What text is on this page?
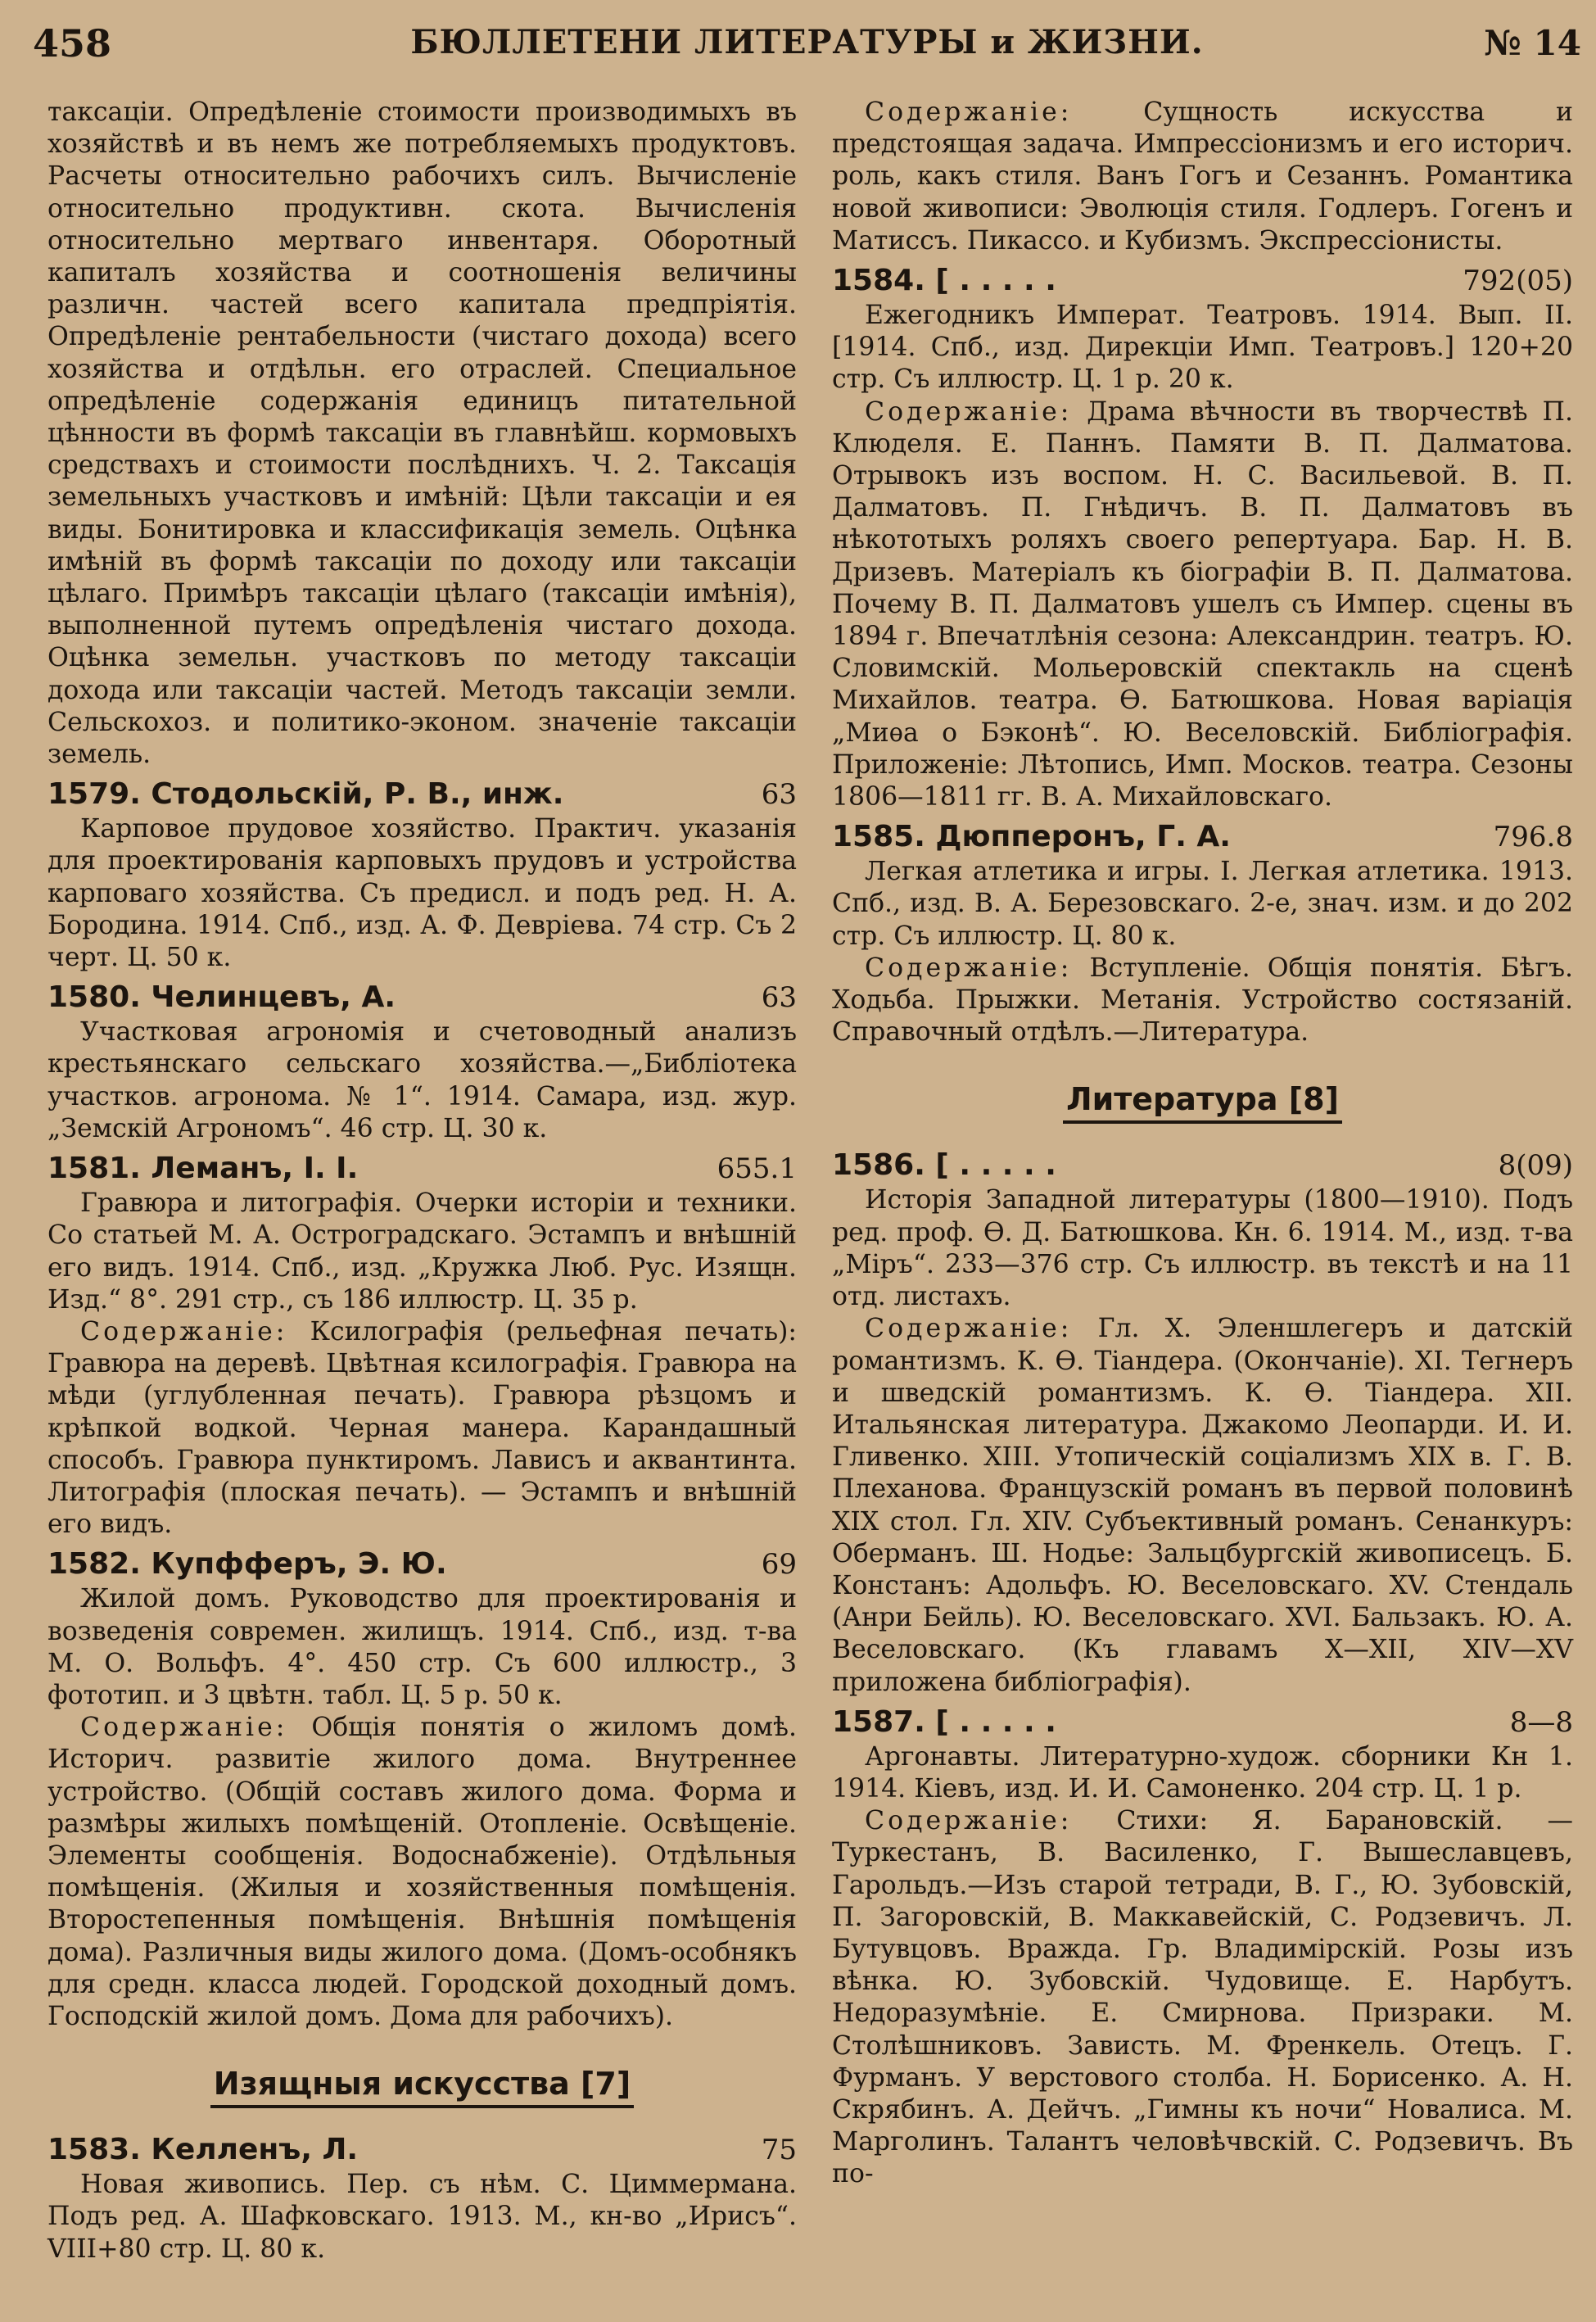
458	БЮЛЛЕТЕНИ ЛИТЕРАТУРЫ и ЖИЗНИ.	№ 14

таксацiи. Опредѣленiе стоимости производимыхъ въ хозяйствѣ и въ немъ же потребляемыхъ продуктовъ. Расчеты относительно рабочихъ силъ. Вычисленiе относительно продуктивн. скота. Вычисленiя относительно мертваго инвентаря. Оборотный капиталъ хозяйства и соотношенiя величины различн. частей всего капитала предпрiятiя. Опредѣленiе рентабельности (чистаго дохода) всего хозяйства и отдѣльн. его отраслей. Специальное опредѣленiе содержанiя единицъ питательной цѣнности въ формѣ таксацiи въ главнѣйш. кормовыхъ средствахъ и стоимости послѣднихъ. Ч. 2. Таксацiя земельныхъ участковъ и имѣнiй: Цѣли таксацiи и ея виды. Бонитировка и классификацiя земель. Оцѣнка имѣнiй въ формѣ таксацiи по доходу или таксацiи цѣлаго. Примѣръ таксацiи цѣлаго (таксацiи имѣнiя), выполненной путемъ опредѣленiя чистаго дохода. Оцѣнка земельн. участковъ по методу таксацiи дохода или таксацiи частей. Методъ таксацiи земли. Сельскохоз. и политико-эконом. значенiе таксацiи земель.

1579. Стодольскiй, Р. В., инж.	63

Карповое прудовое хозяйство. Практич. указанiя для проектированiя карповыхъ прудовъ и устройства карповаго хозяйства. Съ предисл. и подъ ред. Н. А. Бородина. 1914. Спб., изд. А. Ф. Деврiева. 74 стр. Съ 2 черт. Ц. 50 к.

1580. Челинцевъ, А.	63

Участковая агрономiя и счетоводный анализъ крестьянскаго сельскаго хозяйства.—„Библiотека участков. агронома. № 1“. 1914. Самара, изд. жур. „Земскiй Агрономъ“. 46 стр. Ц. 30 к.

1581. Леманъ, I. I.	655.1

Гравюра и литографiя. Очерки исторiи и техники. Со статьей М. А. Остроградскаго. Эстампъ и внѣшнiй его видъ. 1914. Спб., изд. „Кружка Люб. Рус. Изящн. Изд.“ 8°. 291 стр., съ 186 иллюстр. Ц. 35 р.

Содержанiе: Ксилографiя (рельефная печать): Гравюра на деревѣ. Цвѣтная ксилографiя. Гравюра на мѣди (углубленная печать). Гравюра рѣзцомъ и крѣпкой водкой. Черная манера. Карандашный способъ. Гравюра пунктиромъ. Лависъ и аквантинта. Литографiя (плоская печать). — Эстампъ и внѣшнiй его видъ.

1582. Купфферъ, Э. Ю.	69

Жилой домъ. Руководство для проектированiя и возведенiя современ. жилищъ. 1914. Спб., изд. т-ва М. О. Вольфъ. 4°. 450 стр. Съ 600 иллюстр., 3 фототип. и 3 цвѣтн. табл. Ц. 5 р. 50 к.

Содержанiе: Общiя понятiя о жиломъ домѣ. Историч. развитiе жилого дома. Внутреннее устройство. (Общiй составъ жилого дома. Форма и размѣры жилыхъ помѣщенiй. Отопленiе. Освѣщенiе. Элементы сообщенiя. Водоснабженiе). Отдѣльныя помѣщенiя. (Жилыя и хозяйственныя помѣщенiя. Второстепенныя помѣщенiя. Внѣшнiя помѣщенiя дома). Различныя виды жилого дома. (Домъ-особнякъ для средн. класса людей. Городской доходный домъ. Господскiй жилой домъ. Дома для рабочихъ).

Изящныя искусства [7]
1583. Келленъ, Л.	75

Новая живопись. Пер. съ нѣм. С. Циммермана. Подъ ред. А. Шафковскаго. 1913. М., кн-во „Ирисъ“. VIII+80 стр. Ц. 80 к.

Содержанiе:	Сущность искусства и предстоящая задача. Импрессiонизмъ и его историч. роль, какъ стиля. Ванъ Гогъ и Сезаннъ. Романтика новой живописи: Эволюцiя стиля. Годлеръ. Гогенъ и Матиссъ. Пикассо. и Кубизмъ. Экспрессiонисты.

1584. [ . . . . .	792(05)

Ежегодникъ Императ. Театровъ. 1914. Вып. II. [1914. Спб., изд. Дирекцiи Имп. Театровъ.] 120+20 стр. Съ иллюстр. Ц. 1 р. 20 к.

Содержанiе: Драма вѣчности въ творчествѣ П. Клюделя. Е. Паннъ. Памяти В. П. Далматова. Отрывокъ изъ воспом. Н. С. Васильевой. В. П. Далматовъ. П. Гнѣдичъ. В. П. Далматовъ въ нѣкототыхъ роляхъ своего репертуара. Бар. Н. В. Дризевъ. Матерiалъ къ бiографiи В. П. Далматова. Почему В. П. Далматовъ ушелъ съ Импер. сцены въ 1894 г. Впечатлѣнiя сезона: Александрин. театръ. Ю. Словимскiй. Мольеровскiй спектакль на сценѣ Михайлов. театра. Ѳ. Батюшкова. Новая варiацiя „Миѳа о Бэконѣ“. Ю. Веселовскiй. Библiографiя. Приложенiе: Лѣтопись, Имп. Москов. театра. Сезоны 1806—1811 гг. В. А. Михайловскаго.

1585. Дюпперонъ, Г. А.	796.8

Легкая атлетика и игры. I. Легкая атлетика. 1913. Спб., изд. В. А. Березовскаго. 2-е, знач. изм. и до 202 стр. Съ иллюстр. Ц. 80 к.

Содержанiе: Вступленiе. Общiя понятiя. Бѣгъ. Ходьба. Прыжки. Метанiя. Устройство состязанiй. Справочный отдѣлъ.—Литература.

Литература [8]
1586. [ . . . . .	8(09)

Исторiя Западной литературы (1800—1910). Подъ ред. проф. Ѳ. Д. Батюшкова. Кн. 6. 1914. М., изд. т-ва „Мiръ“. 233—376 стр. Съ иллюстр. въ текстѣ и на 11 отд. листахъ.

Содержанiе: Гл. Х. Эленшлегеръ и датскiй романтизмъ. К. Ѳ. Тiандера. (Окончанiе). XI. Тегнеръ и шведскiй романтизмъ. К. Ѳ. Тiандера. XII. Итальянская литература. Джакомо Леопарди. И. И. Гливенко. XIII. Утопическiй соцiализмъ XIX в. Г. В. Плеханова. Французскiй романъ въ первой половинѣ XIX стол. Гл. XIV. Субъективный романъ. Сенанкуръ: Оберманъ. Ш. Нодье: Зальцбургскiй живописецъ. Б. Констанъ: Адольфъ. Ю. Веселовскаго. XV. Стендаль (Анри Бейль). Ю. Веселовскаго. XVI. Бальзакъ. Ю. А. Веселовскаго. (Къ главамъ X—XII, XIV—XV приложена библiографiя).

1587. [ . . . . .	8—8

Аргонавты. Литературно-худож. сборники Кн 1. 1914. Кiевъ, изд. И. И. Самоненко. 204 стр. Ц. 1 р.

Содержанiе: Стихи: Я. Барановскiй. — Туркестанъ, В. Василенко, Г. Вышеславцевъ, Гарольдъ.—Изъ старой тетради, В. Г., Ю. Зубовскiй, П. Загоровскiй, В. Маккавейскiй, С. Родзевичъ. Л. Бутувцовъ. Вражда. Гр. Владимiрскiй. Розы изъ вѣнка. Ю. Зубовскiй. Чудовище. Е. Нарбутъ. Недоразумѣнiе. Е. Смирнова. Призраки. М. Столѣшниковъ. Зависть. М. Френкель. Отецъ. Г. Фурманъ. У верстового столба. Н. Борисенко. А. Н. Скрябинъ. А. Дейчъ. „Гимны къ ночи“ Новалиса. М. Марголинъ. Талантъ человѣчвскiй. С. Родзевичъ. Въ по-
